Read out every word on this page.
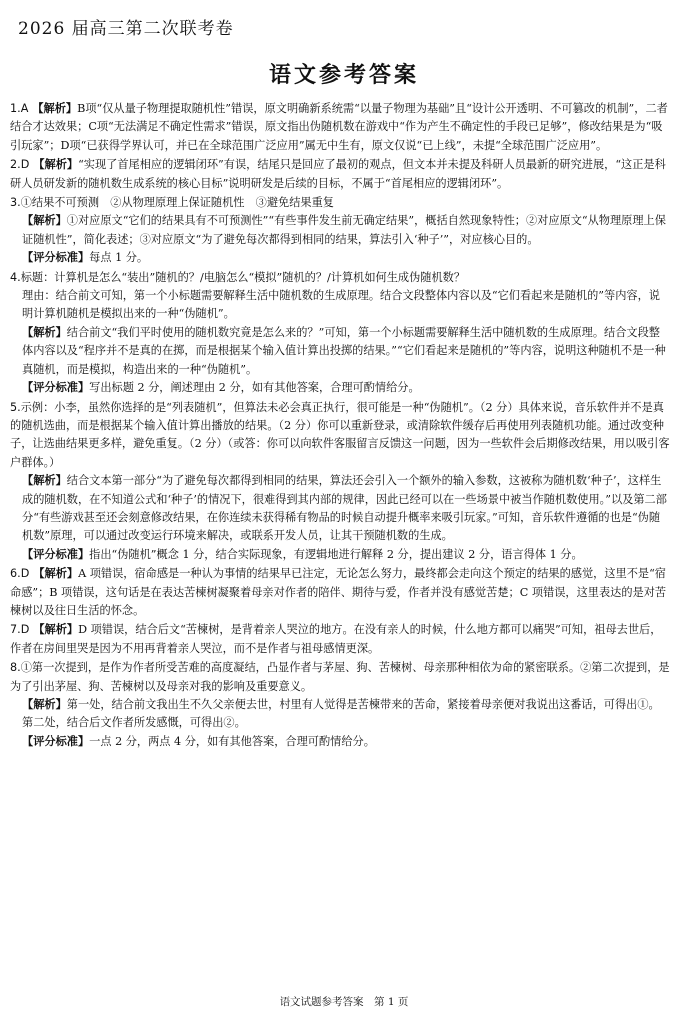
2026 届高三第二次联考卷
语文参考答案
1.A 【解析】B项“仅从量子物理提取随机性”错误，原文明确新系统需“以量子物理为基础”且“设计公开透明、不可篡改的机制”，二者结合才达效果；C项“无法满足不确定性需求”错误，原文指出伪随机数在游戏中“作为产生不确定性的手段已足够”，修改结果是为“吸引玩家”；D项“已获得学界认可，并已在全球范围广泛应用”属无中生有，原文仅说“已上线”，未提“全球范围广泛应用”。
2.D 【解析】“实现了首尾相应的逻辑闭环”有误，结尾只是回应了最初的观点，但文本并未提及科研人员最新的研究进展，“这正是科研人员研发新的随机数生成系统的核心目标”说明研发是后续的目标，不属于“首尾相应的逻辑闭环”。
3.①结果不可预测　②从物理原理上保证随机性　③避免结果重复
【解析】①对应原文“它们的结果具有不可预测性”“有些事件发生前无确定结果”，概括自然现象特性；②对应原文“从物理原理上保证随机性”，简化表述；③对应原文“为了避免每次都得到相同的结果，算法引入‘种子’”，对应核心目的。
【评分标准】每点 1 分。
4.标题：计算机是怎么“装出”随机的？/电脑怎么“模拟”随机的？/计算机如何生成伪随机数？
理由：结合前文可知，第一个小标题需要解释生活中随机数的生成原理。结合文段整体内容以及“它们看起来是随机的”等内容，说明计算机随机是模拟出来的一种“伪随机”。
【解析】结合前文“我们平时使用的随机数究竟是怎么来的？”可知，第一个小标题需要解释生活中随机数的生成原理。结合文段整体内容以及“程序并不是真的在掷，而是根据某个输入值计算出投掷的结果。”“它们看起来是随机的”等内容，说明这种随机不是一种真随机，而是模拟，构造出来的一种“伪随机”。
【评分标准】写出标题 2 分，阐述理由 2 分，如有其他答案，合理可酌情给分。
5.示例：小李，虽然你选择的是“列表随机”，但算法未必会真正执行，很可能是一种“伪随机”。（2 分）具体来说，音乐软件并不是真的随机选曲，而是根据某个输入值计算出播放的结果。（2 分）你可以重新登录，或清除软件缓存后再使用列表随机功能。通过改变种子，让选曲结果更多样，避免重复。（2 分）（或答：你可以向软件客服留言反馈这一问题，因为一些软件会后期修改结果，用以吸引客户群体。）
【解析】结合文本第一部分“为了避免每次都得到相同的结果，算法还会引入一个额外的输入参数，这被称为随机数‘种子’，这样生成的随机数，在不知道公式和‘种子’的情况下，很难得到其内部的规律，因此已经可以在一些场景中被当作随机数使用。”以及第二部分“有些游戏甚至还会刻意修改结果，在你连续未获得稀有物品的时候自动提升概率来吸引玩家。”可知，音乐软件遵循的也是“伪随机数”原理，可以通过改变运行环境来解决，或联系开发人员，让其干预随机数的生成。
【评分标准】指出“伪随机”概念 1 分，结合实际现象，有逻辑地进行解释 2 分，提出建议 2 分，语言得体 1 分。
6.D 【解析】A 项错误，宿命感是一种认为事情的结果早已注定，无论怎么努力，最终都会走向这个预定的结果的感觉，这里不是“宿命感”；B 项错误，这句话是在表达苦楝树凝聚着母亲对作者的陪伴、期待与爱，作者并没有感觉苦楚；C 项错误，这里表达的是对苦楝树以及往日生活的怀念。
7.D 【解析】D 项错误，结合后文“苦楝树，是背着亲人哭泣的地方。在没有亲人的时候，什么地方都可以痛哭”可知，祖母去世后，作者在房间里哭是因为不用再背着亲人哭泣，而不是作者与祖母感情更深。
8.①第一次提到，是作为作者所受苦难的高度凝结，凸显作者与茅屋、狗、苦楝树、母亲那种相依为命的紧密联系。②第二次提到，是为了引出茅屋、狗、苦楝树以及母亲对我的影响及重要意义。
【解析】第一处，结合前文我出生不久父亲便去世，村里有人觉得是苦楝带来的苦命，紧接着母亲便对我说出这番话，可得出①。第二处，结合后文作者所发感慨，可得出②。
【评分标准】一点 2 分，两点 4 分，如有其他答案，合理可酌情给分。
语文试题参考答案　第 1 页
